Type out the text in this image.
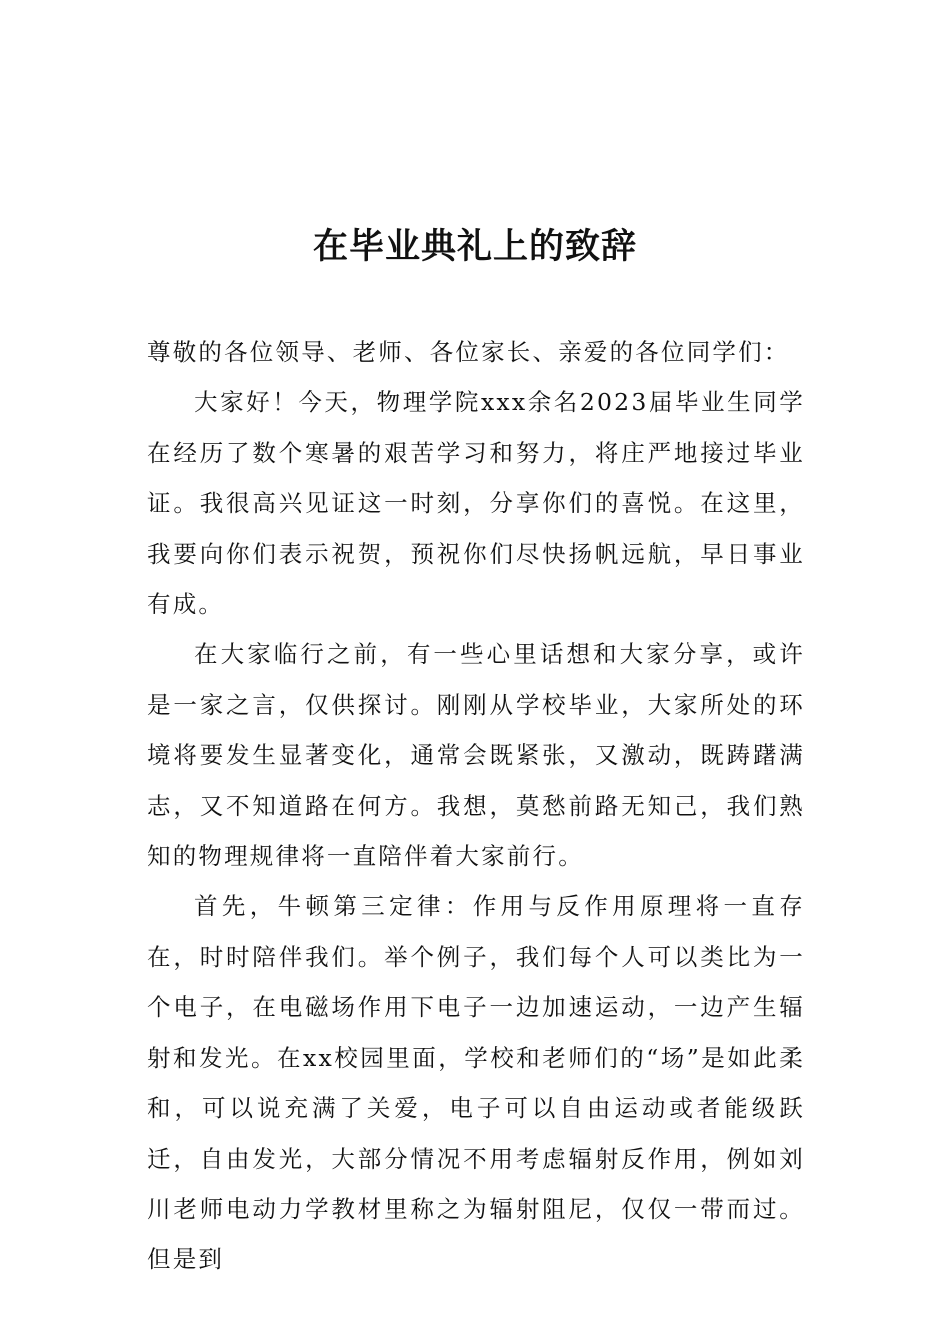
在毕业典礼上的致辞

尊敬的各位领导、老师、各位家长、亲爱的各位同学们：

大家好！今天，物理学院xxx余名2023届毕业生同学在经历了数个寒暑的艰苦学习和努力，将庄严地接过毕业证。我很高兴见证这一时刻，分享你们的喜悦。在这里，我要向你们表示祝贺，预祝你们尽快扬帆远航，早日事业有成。

在大家临行之前，有一些心里话想和大家分享，或许是一家之言，仅供探讨。刚刚从学校毕业，大家所处的环境将要发生显著变化，通常会既紧张，又激动，既踌躇满志，又不知道路在何方。我想，莫愁前路无知己，我们熟知的物理规律将一直陪伴着大家前行。

首先，牛顿第三定律：作用与反作用原理将一直存在，时时陪伴我们。举个例子，我们每个人可以类比为一个电子，在电磁场作用下电子一边加速运动，一边产生辐射和发光。在xx校园里面，学校和老师们的“场”是如此柔和，可以说充满了关爱，电子可以自由运动或者能级跃迁，自由发光，大部分情况不用考虑辐射反作用，例如刘川老师电动力学教材里称之为辐射阻尼，仅仅一带而过。但是到
